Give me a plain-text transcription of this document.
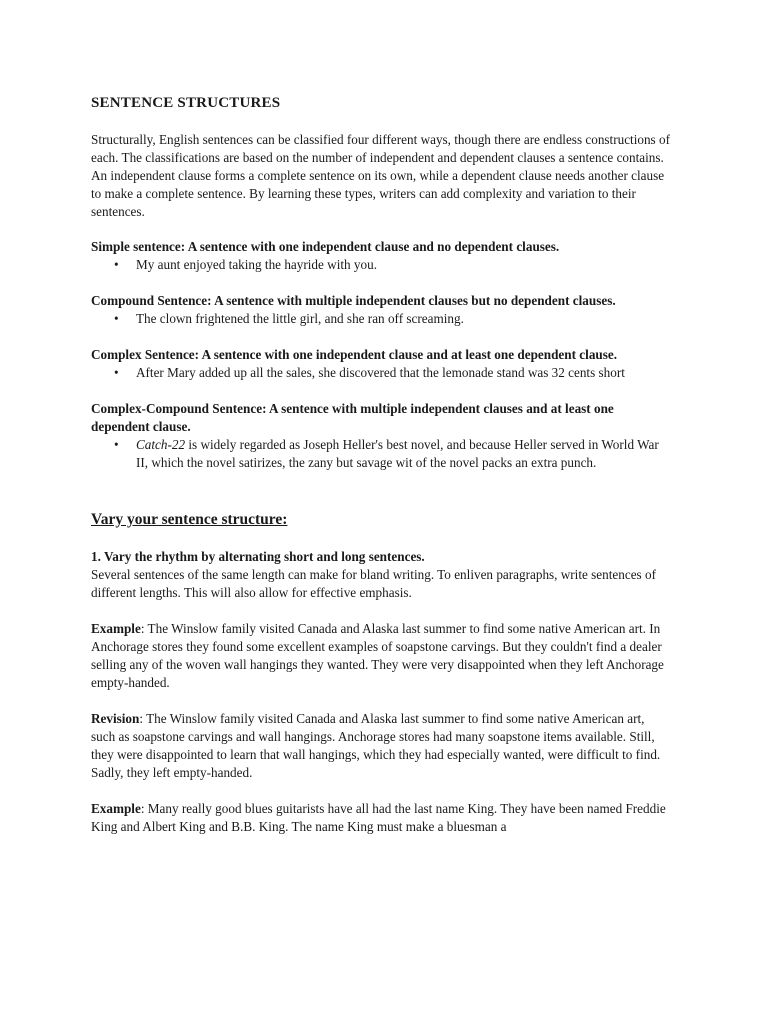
SENTENCE STRUCTURES

Structurally, English sentences can be classified four different ways, though there are endless constructions of each. The classifications are based on the number of independent and dependent clauses a sentence contains. An independent clause forms a complete sentence on its own, while a dependent clause needs another clause to make a complete sentence. By learning these types, writers can add complexity and variation to their sentences.

Simple sentence: A sentence with one independent clause and no dependent clauses.

• My aunt enjoyed taking the hayride with you.

Compound Sentence: A sentence with multiple independent clauses but no dependent clauses.

• The clown frightened the little girl, and she ran off screaming.

Complex Sentence: A sentence with one independent clause and at least one dependent clause.

• After Mary added up all the sales, she discovered that the lemonade stand was 32 cents short

Complex-Compound Sentence: A sentence with multiple independent clauses and at least one dependent clause.

• Catch-22 is widely regarded as Joseph Heller's best novel, and because Heller served in World War II, which the novel satirizes, the zany but savage wit of the novel packs an extra punch.
Vary your sentence structure:

1. Vary the rhythm by alternating short and long sentences.

Several sentences of the same length can make for bland writing. To enliven paragraphs, write sentences of different lengths. This will also allow for effective emphasis.

Example: The Winslow family visited Canada and Alaska last summer to find some native American art. In Anchorage stores they found some excellent examples of soapstone carvings. But they couldn't find a dealer selling any of the woven wall hangings they wanted. They were very disappointed when they left Anchorage empty-handed.

Revision: The Winslow family visited Canada and Alaska last summer to find some native American art, such as soapstone carvings and wall hangings. Anchorage stores had many soapstone items available. Still, they were disappointed to learn that wall hangings, which they had especially wanted, were difficult to find. Sadly, they left empty-handed.

Example: Many really good blues guitarists have all had the last name King. They have been named Freddie King and Albert King and B.B. King. The name King must make a bluesman a
